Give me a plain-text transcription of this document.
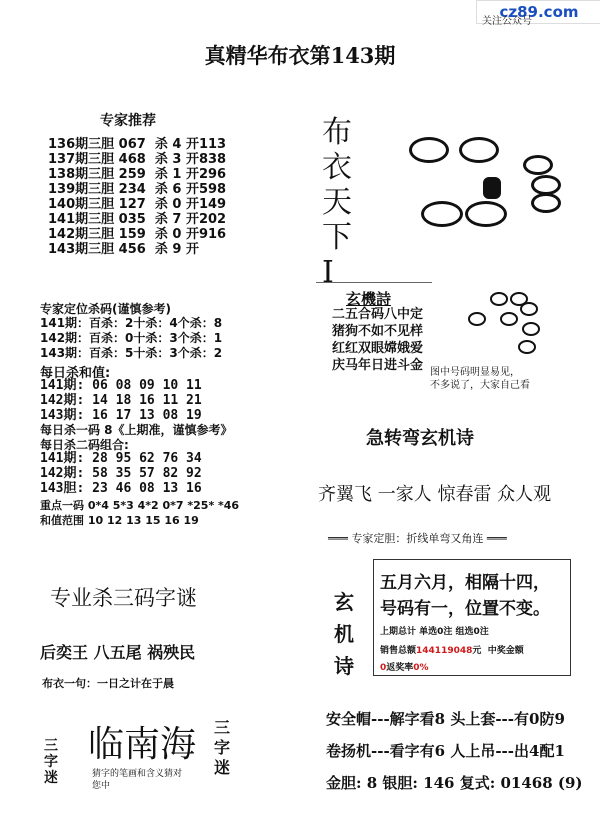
cz89.com
关注公众号
真精华布衣第143期
专家推荐
136期三胆 067  杀 4 开113
137期三胆 468  杀 3 开838
138期三胆 259  杀 1 开296
139期三胆 234  杀 6 开598
140期三胆 127  杀 0 开149
141期三胆 035  杀 7 开202
142期三胆 159  杀 0 开916
143期三胆 456  杀 9 开
专家定位杀码(谨慎参考)
141期：百杀：2十杀：4个杀：8
142期：百杀：0十杀：3个杀：1
143期：百杀：5十杀：3个杀：2
每日杀和值:
141期: 06 08 09 10 11
142期: 14 18 16 11 21
143期: 16 17 13 08 19
每日杀一码 8《上期准，谨慎参考》
每日杀二码组合:
141期: 28 95 62 76 34
142期: 58 35 57 82 92
143胆: 23 46 08 13 16
重点一码 0*4 5*3 4*2 0*7 *25* *46
和值范围 10 12 13 15 16 19
专业杀三码字谜
后奕王 八五尾 祸殃民
布衣一句：一日之计在于晨
临南海
三字迷
三字迷
猜字的笔画和含义猜对您中
布衣天下I
玄機詩
二五合码八中定
猪狗不如不见样
红红双眼嫦娥爱
庆马年日进斗金 图中号码明显易见，
不多说了，大家自己看
急转弯玄机诗
齐翼飞 一家人 惊春雷 众人观
═══ 专家定胆：折线单弯又角连 ═══
玄机诗
五月六月，相隔十四，
号码有一，位置不变。
上期总计 单选0注 组选0注
销售总额144119048元 中奖金额
0返奖率0%
安全帽---解字看8 头上套---有0防9
卷扬机---看字有6 人上吊---出4配1
金胆: 8 银胆: 146 复式: 01468 (9)
